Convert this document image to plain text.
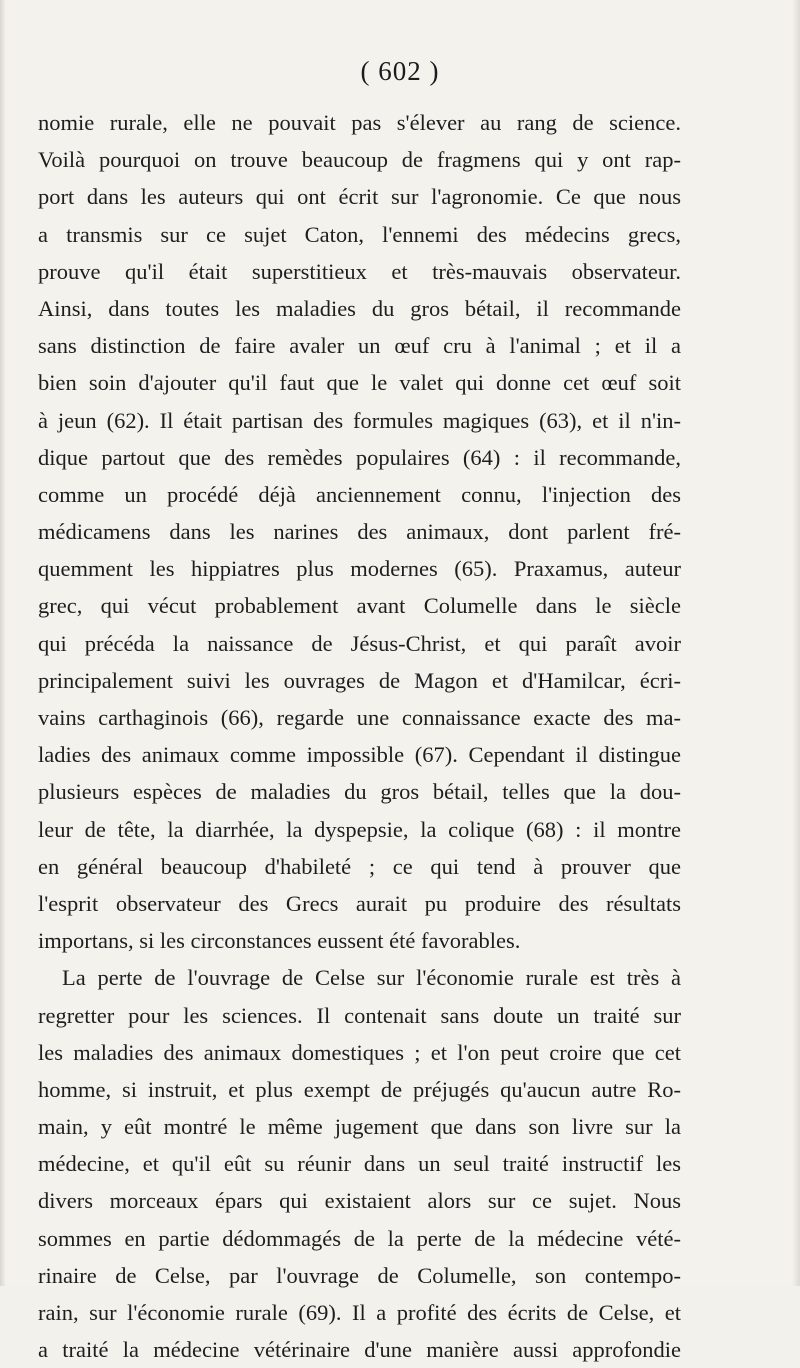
( 602 )
nomie rurale, elle ne pouvait pas s'élever au rang de science.
Voilà pourquoi on trouve beaucoup de fragmens qui y ont rap-
port dans les auteurs qui ont écrit sur l'agronomie. Ce que nous
a transmis sur ce sujet Caton, l'ennemi des médecins grecs,
prouve qu'il était superstitieux et très-mauvais observateur.
Ainsi, dans toutes les maladies du gros bétail, il recommande
sans distinction de faire avaler un œuf cru à l'animal ; et il a
bien soin d'ajouter qu'il faut que le valet qui donne cet œuf soit
à jeun (62). Il était partisan des formules magiques (63), et il n'in-
dique partout que des remèdes populaires (64) : il recommande,
comme un procédé déjà anciennement connu, l'injection des
médicamens dans les narines des animaux, dont parlent fré-
quemment les hippiatres plus modernes (65). Praxamus, auteur
grec, qui vécut probablement avant Columelle dans le siècle
qui précéda la naissance de Jésus-Christ, et qui paraît avoir
principalement suivi les ouvrages de Magon et d'Hamilcar, écri-
vains carthaginois (66), regarde une connaissance exacte des ma-
ladies des animaux comme impossible (67). Cependant il distingue
plusieurs espèces de maladies du gros bétail, telles que la dou-
leur de tête, la diarrhée, la dyspepsie, la colique (68) : il montre
en général beaucoup d'habileté ; ce qui tend à prouver que
l'esprit observateur des Grecs aurait pu produire des résultats
importans, si les circonstances eussent été favorables.
La perte de l'ouvrage de Celse sur l'économie rurale est très à
regretter pour les sciences. Il contenait sans doute un traité sur
les maladies des animaux domestiques ; et l'on peut croire que cet
homme, si instruit, et plus exempt de préjugés qu'aucun autre Ro-
main, y eût montré le même jugement que dans son livre sur la
médecine, et qu'il eût su réunir dans un seul traité instructif les
divers morceaux épars qui existaient alors sur ce sujet. Nous
sommes en partie dédommagés de la perte de la médecine vété-
rinaire de Celse, par l'ouvrage de Columelle, son contempo-
rain, sur l'économie rurale (69). Il a profité des écrits de Celse, et
a traité la médecine vétérinaire d'une manière aussi approfondie
